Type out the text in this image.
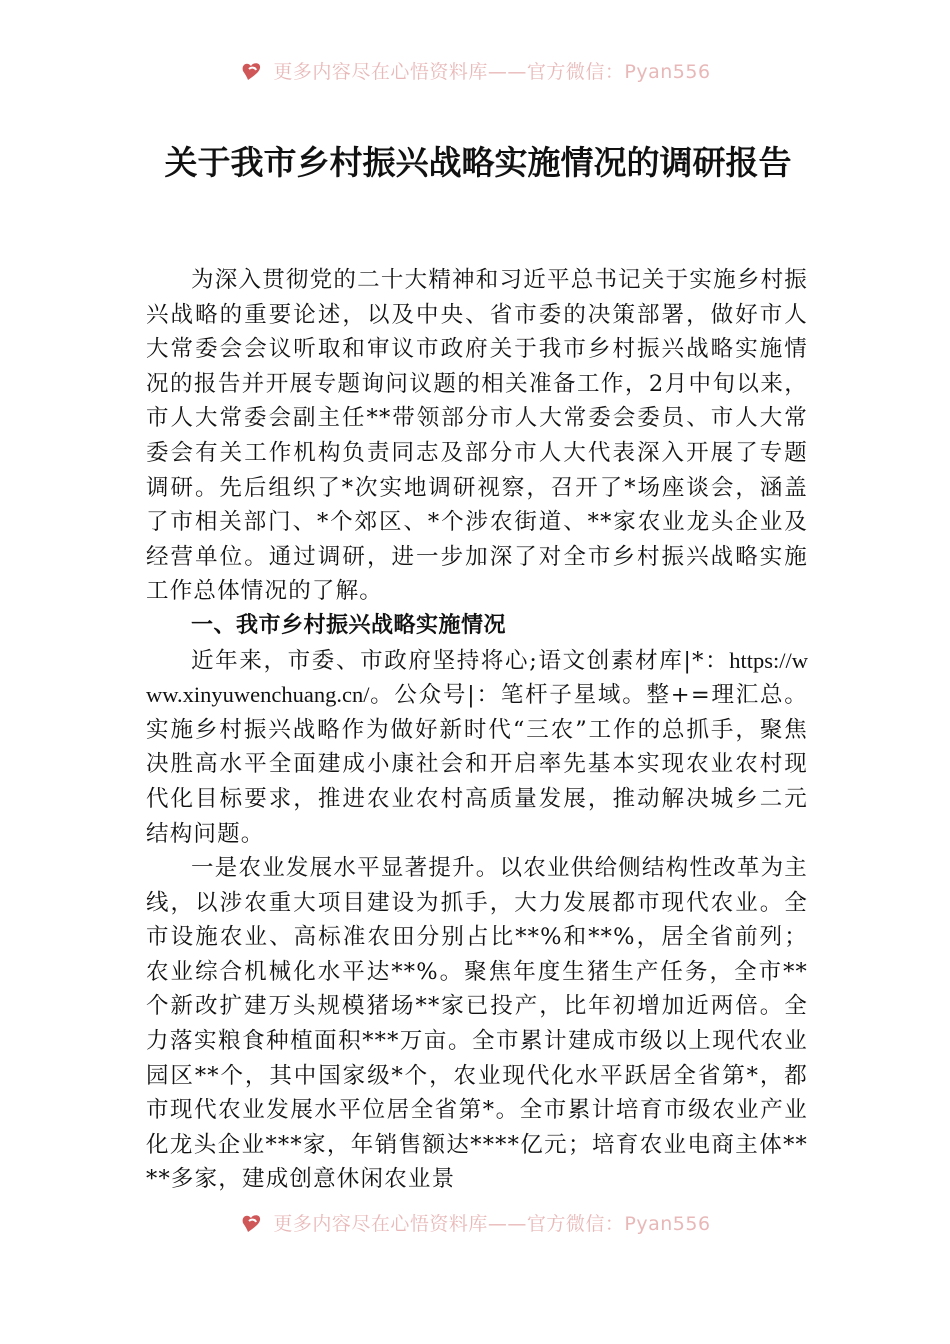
更多内容尽在心悟资料库——官方微信：Pyan556
关于我市乡村振兴战略实施情况的调研报告

为深入贯彻党的二十大精神和习近平总书记关于实施乡村振兴战略的重要论述，以及中央、省市委的决策部署，做好市人大常委会会议听取和审议市政府关于我市乡村振兴战略实施情况的报告并开展专题询问议题的相关准备工作，2月中旬以来，市人大常委会副主任**带领部分市人大常委会委员、市人大常委会有关工作机构负责同志及部分市人大代表深入开展了专题调研。先后组织了*次实地调研视察，召开了*场座谈会，涵盖了市相关部门、*个郊区、*个涉农街道、**家农业龙头企业及经营单位。通过调研，进一步加深了对全市乡村振兴战略实施工作总体情况的了解。

一、我市乡村振兴战略实施情况

近年来，市委、市政府坚持将心;语文创素材库|*：https://www.xinyuwenchuang.cn/。公众号|：笔杆子星域。整+=理汇总。实施乡村振兴战略作为做好新时代“三农”工作的总抓手，聚焦决胜高水平全面建成小康社会和开启率先基本实现农业农村现代化目标要求，推进农业农村高质量发展，推动解决城乡二元结构问题。

一是农业发展水平显著提升。以农业供给侧结构性改革为主线，以涉农重大项目建设为抓手，大力发展都市现代农业。全市设施农业、高标准农田分别占比**%和**%，居全省前列；农业综合机械化水平达**%。聚焦年度生猪生产任务，全市**个新改扩建万头规模猪场**家已投产，比年初增加近两倍。全力落实粮食种植面积***万亩。全市累计建成市级以上现代农业园区**个，其中国家级*个，农业现代化水平跃居全省第*，都市现代农业发展水平位居全省第*。全市累计培育市级农业产业化龙头企业***家，年销售额达****亿元；培育农业电商主体****多家，建成创意休闲农业景

更多内容尽在心悟资料库——官方微信：Pyan556
